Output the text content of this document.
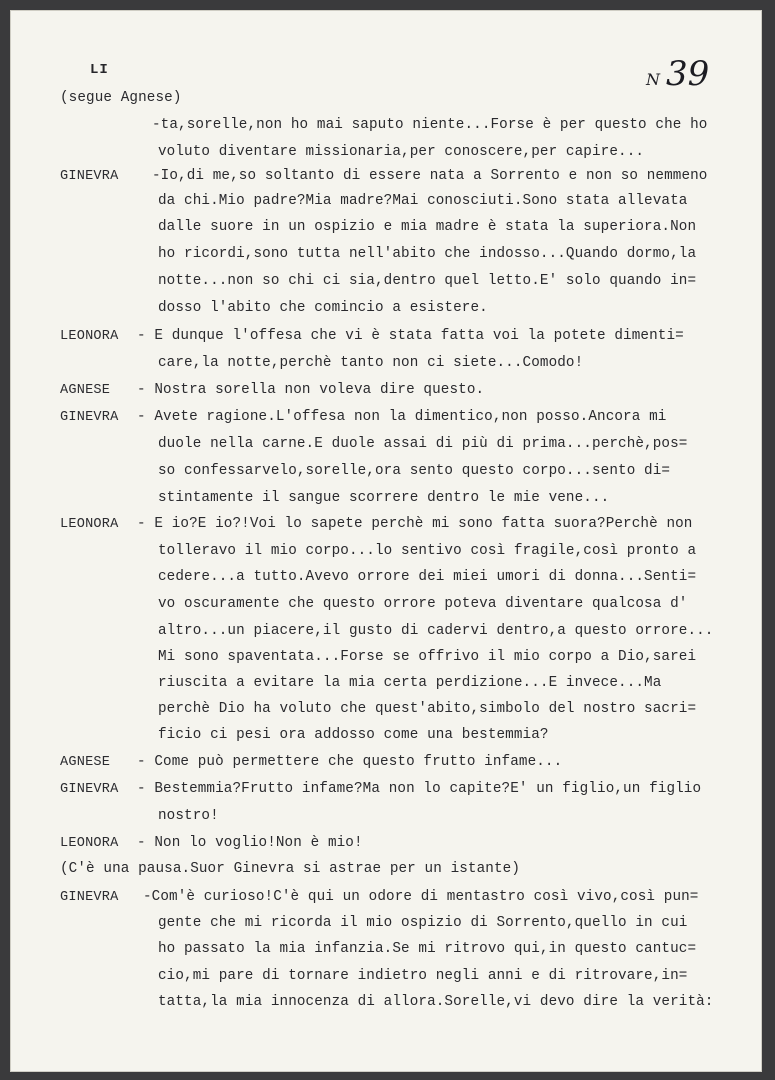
LI	N 39
(segue Agnese)
-ta,sorelle,non ho mai saputo niente...Forse è per questo che ho
voluto diventare missionaria,per conoscere,per capire...
GINEVRA -Io,di me,so soltanto di essere nata a Sorrento e non so nemmeno
da chi.Mio padre?Mia madre?Mai conosciuti.Sono stata allevata
dalle suore in un ospizio e mia madre è stata la superiora.Non
ho ricordi,sono tutta nell'abito che indosso...Quando dormo,la
notte...non so chi ci sia,dentro quel letto.E' solo quando in=
dosso l'abito che comincio a esistere.
LEONORA - E dunque l'offesa che vi è stata fatta voi la potete dimenti=
care,la notte,perchè tanto non ci siete...Comodo!
AGNESE - Nostra sorella non voleva dire questo.
GINEVRA - Avete ragione.L'offesa non la dimentico,non posso.Ancora mi
duole nella carne.E duole assai di più di prima...perchè,pos=
so confessarvelo,sorelle,ora sento questo corpo...sento di=
stintamente il sangue scorrere dentro le mie vene...
LEONORA - E io?E io?!Voi lo sapete perchè mi sono fatta suora?Perchè non
tolleravo il mio corpo...lo sentivo così fragile,così pronto a
cedere...a tutto.Avevo orrore dei miei umori di donna...Senti=
vo oscuramente che questo orrore poteva diventare qualcosa d'
altro...un piacere,il gusto di cadervi dentro,a questo orrore...
Mi sono spaventata...Forse se offrivo il mio corpo a Dio,sarei
riuscita a evitare la mia certa perdizione...E invece...Ma
perchè Dio ha voluto che quest'abito,simbolo del nostro sacri=
ficio ci pesi ora addosso come una bestemmia?
AGNESE - Come può permettere che questo frutto infame...
GINEVRA - Bestemmia?Frutto infame?Ma non lo capite?E' un figlio,un figlio
nostro!
LEONORA - Non lo voglio!Non è mio!
(C'è una pausa.Suor Ginevra si astrae per un istante)
GINEVRA -Com'è curioso!C'è qui un odore di mentastro così vivo,così pun=
gente che mi ricorda il mio ospizio di Sorrento,quello in cui
ho passato la mia infanzia.Se mi ritrovo qui,in questo cantuc=
cio,mi pare di tornare indietro negli anni e di ritrovare,in=
tatta,la mia innocenza di allora.Sorelle,vi devo dire la verità:
